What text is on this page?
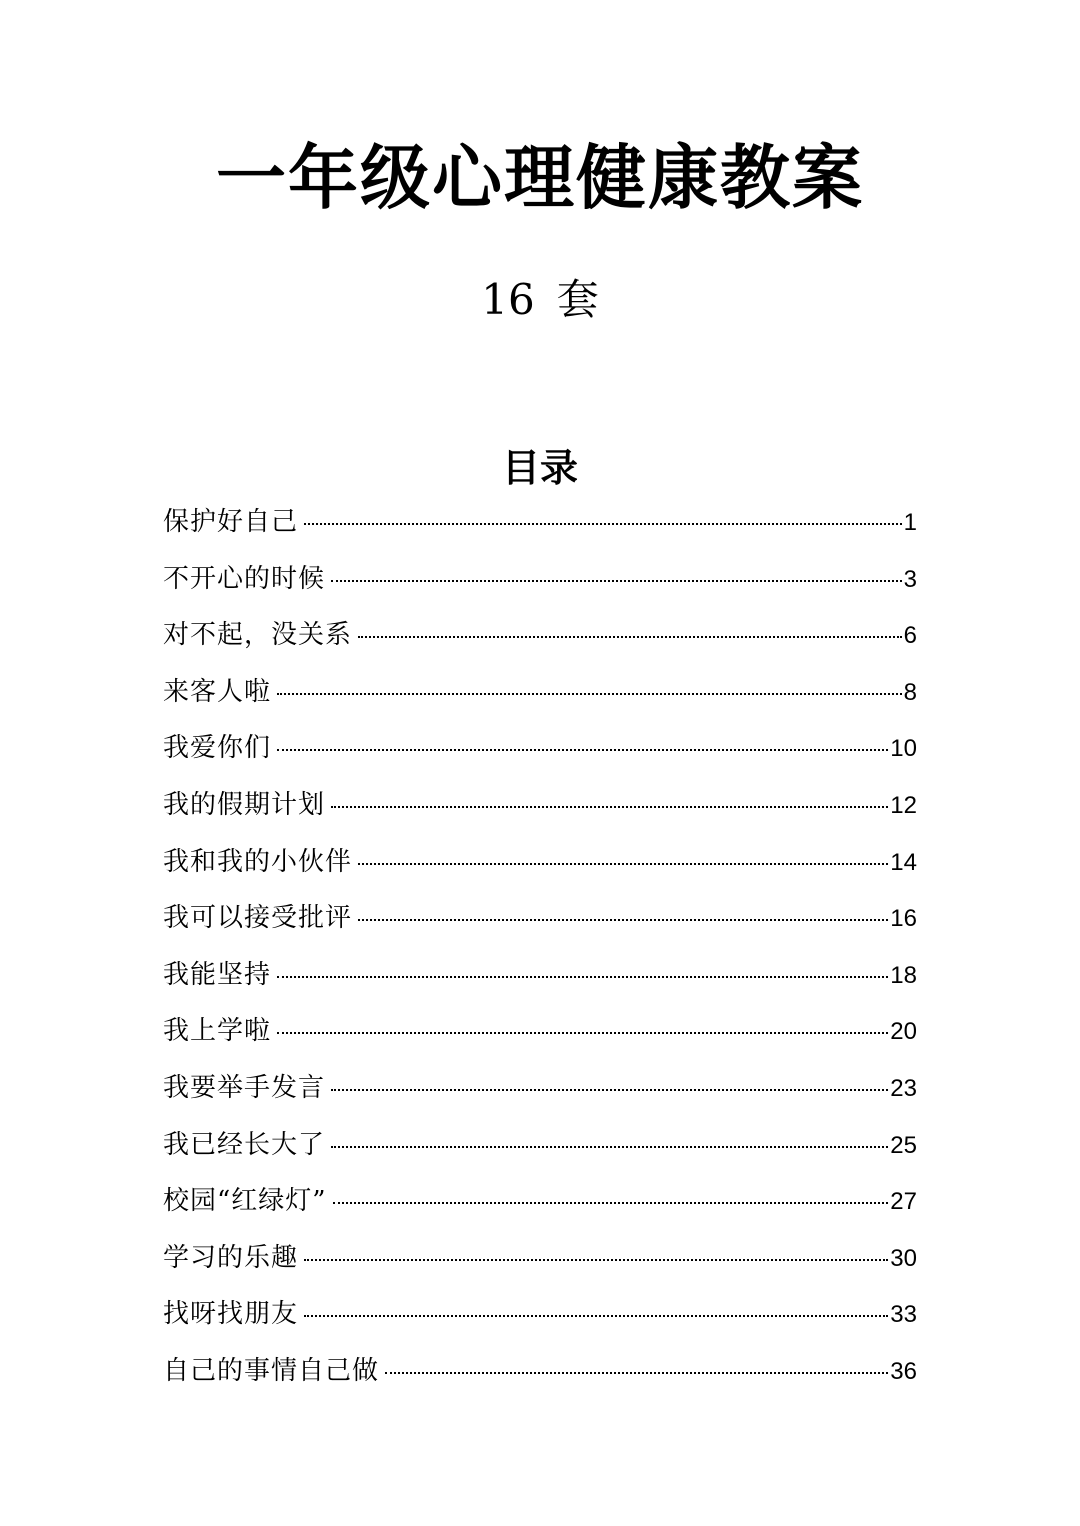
一年级心理健康教案
16 套
目录
保护好自己	1
不开心的时候	3
对不起，没关系	6
来客人啦	8
我爱你们	10
我的假期计划	12
我和我的小伙伴	14
我可以接受批评	16
我能坚持	18
我上学啦	20
我要举手发言	23
我已经长大了	25
校园“红绿灯”	27
学习的乐趣	30
找呀找朋友	33
自己的事情自己做	36
